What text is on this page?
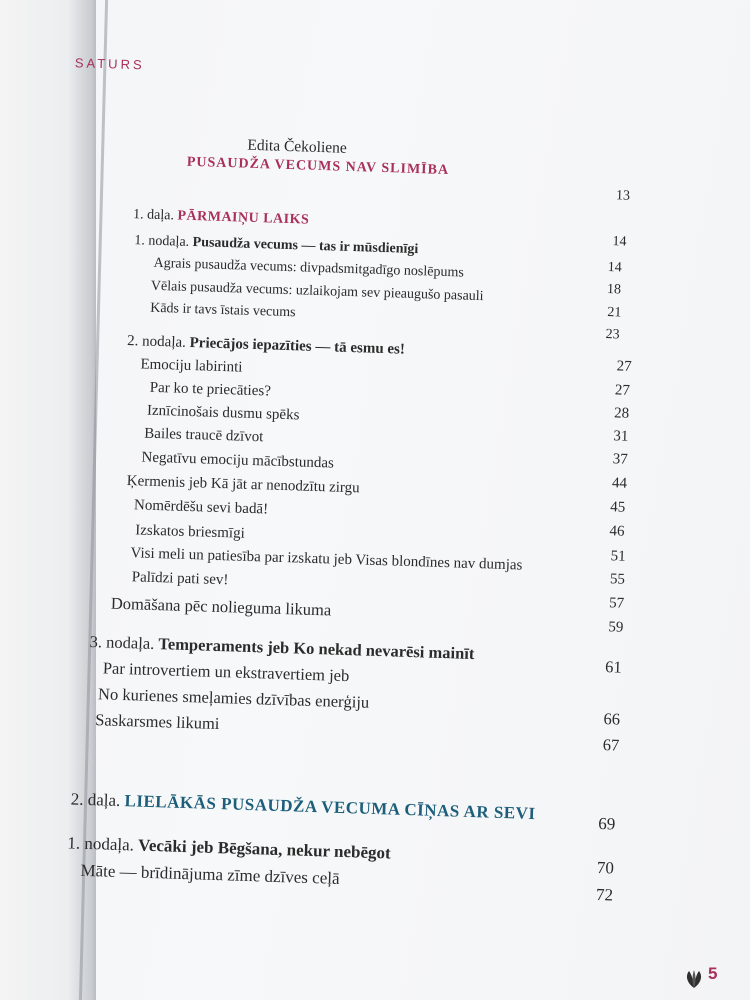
SATURS
Edita Čekoliene
PUSAUDŽA VECUMS NAV SLIMĪBA
13
1. daļa. PĀRMAIŅU LAIKS
14
1. nodaļa. Pusaudža vecums — tas ir mūsdienīgi
14
Agrais pusaudža vecums: divpadsmitgadīgo noslēpums
18
Vēlais pusaudža vecums: uzlaikojam sev pieaugušo pasauli
21
Kāds ir tavs īstais vecums
23
2. nodaļa. Priecājos iepazīties — tā esmu es!
27
Emociju labirinti
27
Par ko te priecāties?
28
Iznīcinošais dusmu spēks
31
Bailes traucē dzīvot
37
Negatīvu emociju mācībstundas
44
Ķermenis jeb Kā jāt ar nenodzītu zirgu
45
Nomērdēšu sevi badā!
46
Izskatos briesmīgi
51
Visi meli un patiesība par izskatu jeb Visas blondīnes nav dumjas
55
Palīdzi pati sev!
57
Domāšana pēc nolieguma likuma
59
3. nodaļa. Temperaments jeb Ko nekad nevarēsi mainīt
61
Par introvertiem un ekstravertiem jeb
No kurienes smeļamies dzīvības enerģiju
66
Saskarsmes likumi
67
2. daļa. LIELĀKĀS PUSAUDŽA VECUMA CĪŅAS AR SEVI
69
1. nodaļa. Vecāki jeb Bēgšana, nekur nebēgot
70
Māte — brīdinājuma zīme dzīves ceļā
72
5
